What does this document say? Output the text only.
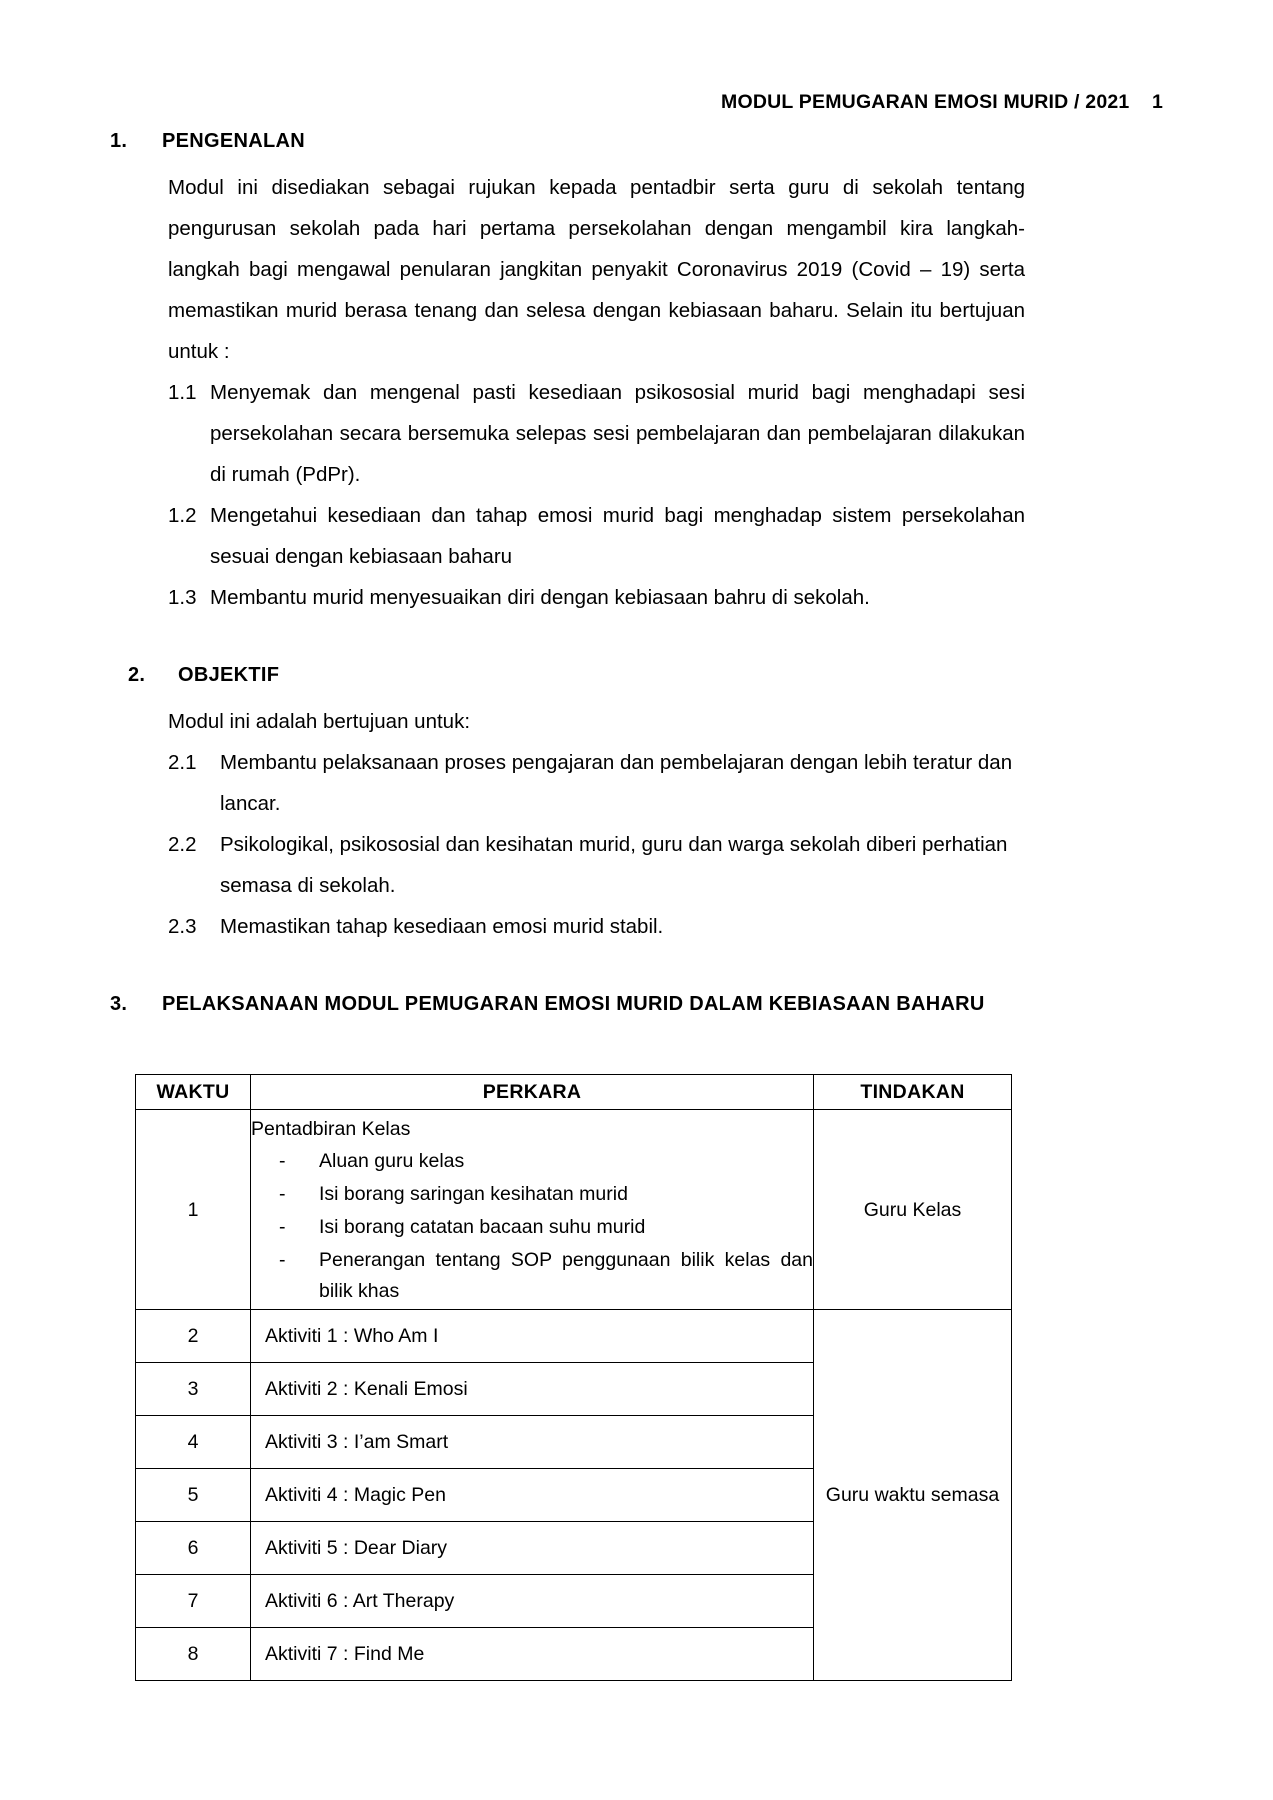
MODUL PEMUGARAN EMOSI MURID / 2021 1

1.	PENGENALAN

Modul ini disediakan sebagai rujukan kepada pentadbir serta guru di sekolah tentang pengurusan sekolah pada hari pertama persekolahan dengan mengambil kira langkah-langkah bagi mengawal penularan jangkitan penyakit Coronavirus 2019 (Covid – 19) serta memastikan murid berasa tenang dan selesa dengan kebiasaan baharu. Selain itu bertujuan untuk :

1.1 Menyemak dan mengenal pasti kesediaan psikososial murid bagi menghadapi sesi persekolahan secara bersemuka selepas sesi pembelajaran dan pembelajaran dilakukan di rumah (PdPr).
1.2 Mengetahui kesediaan dan tahap emosi murid bagi menghadap sistem persekolahan sesuai dengan kebiasaan baharu
1.3 Membantu murid menyesuaikan diri dengan kebiasaan bahru di sekolah.
2.	OBJEKTIF

Modul ini adalah bertujuan untuk:

2.1	Membantu pelaksanaan proses pengajaran dan pembelajaran dengan lebih teratur dan lancar.
2.2	Psikologikal, psikososial dan kesihatan murid, guru dan warga sekolah diberi perhatian semasa di sekolah.
2.3	Memastikan tahap kesediaan emosi murid stabil.
3.	PELAKSANAAN MODUL PEMUGARAN EMOSI MURID DALAM KEBIASAAN BAHARU
WAKTU	PERKARA	TINDAKAN
1	
Pentadbiran Kelas
- Aluan guru kelas
- Isi borang saringan kesihatan murid
- Isi borang catatan bacaan suhu murid
- Penerangan tentang SOP penggunaan bilik kelas dan bilik khas
	Guru Kelas
2	Aktiviti 1 : Who Am I	Guru waktu semasa
3	Aktiviti 2 : Kenali Emosi	
4	Aktiviti 3 : I’am Smart	
5	Aktiviti 4 : Magic Pen	
6	Aktiviti 5 : Dear Diary	
7	Aktiviti 6 : Art Therapy	
8	Aktiviti 7 : Find Me	
